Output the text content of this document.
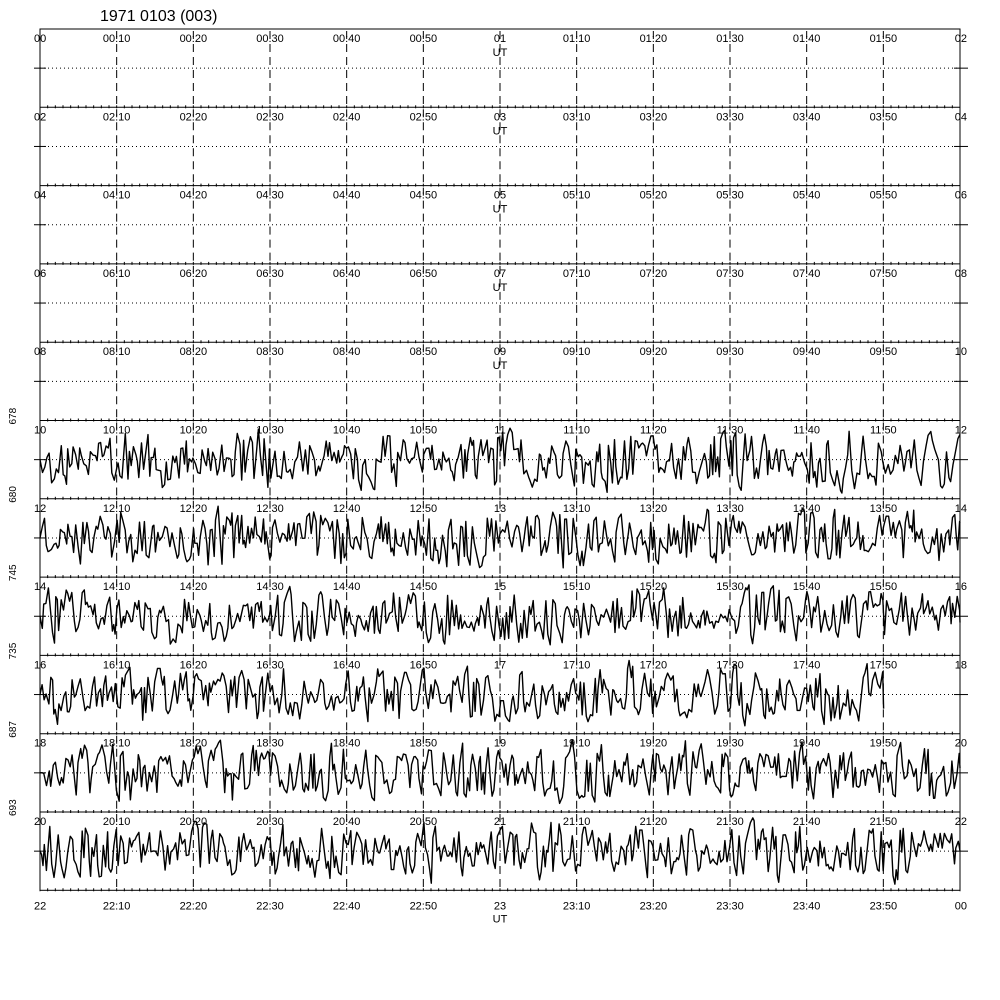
1971 0103 (003)
00	00:10	00:20	00:30	00:40	00:50	01	01:10	01:20	01:30	01:40	01:50	02
UT
02	02:10	02:20	02:30	02:40	02:50	03	03:10	03:20	03:30	03:40	03:50	04
UT
04	04:10	04:20	04:30	04:40	04:50	05	05:10	05:20	05:30	05:40	05:50	06
UT
06	06:10	06:20	06:30	06:40	06:50	07	07:10	07:20	07:30	07:40	07:50	08
UT
08	08:10	08:20	08:30	08:40	08:50	09	09:10	09:20	09:30	09:40	09:50	10
UT
10	10:10	10:20	10:30	10:40	10:50	11	11:10	11:20	11:30	11:40	11:50	12
678
12	12:10	12:20	12:30	12:40	12:50	13	13:10	13:20	13:30	13:40	13:50	14
680
14	14:10	14:20	14:30	14:40	14:50	15	15:10	15:20	15:30	15:40	15:50	16
745
16	16:10	16:20	16:30	16:40	16:50	17	17:10	17:20	17:30	17:40	17:50	18
735
18	18:10	18:20	18:30	18:40	18:50	19	19:10	19:20	19:30	19:40	19:50	20
687
20	20:10	20:20	20:30	20:40	20:50	21	21:10	21:20	21:30	21:40	21:50	22
693
22	22:10	22:20	22:30	22:40	22:50	23	23:10	23:20	23:30	23:40	23:50	00
UT
